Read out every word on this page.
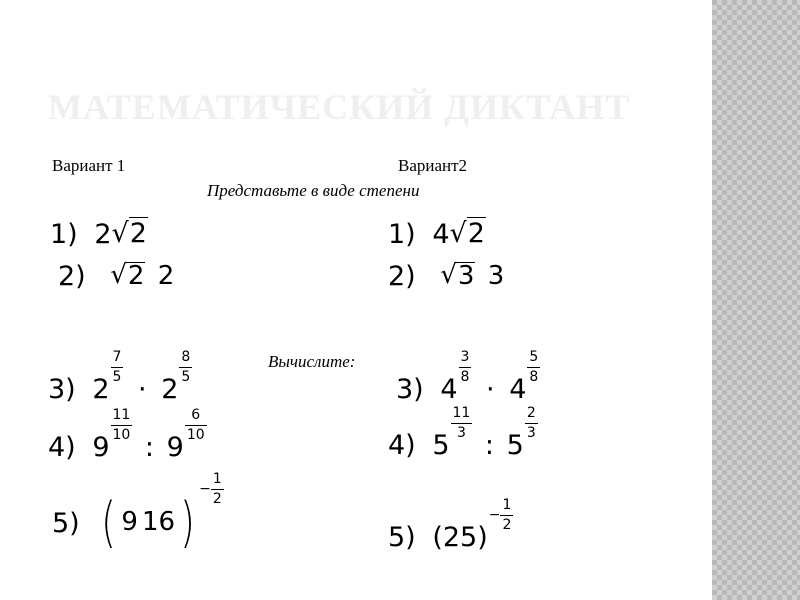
МАТЕМАТИЧЕСКИЙ ДИКТАНТ
Вариант 1	Вариант2
Представьте в виде степени
Вычислите:
1) 2√2
2) √ 2 2
3) 2
$\frac{7}{5}$
· 2
$\frac{8}{5}$
4) 9
$\frac{11}{10}$
: 9
$\frac{6}{10}$
5) ( 9 $16)- \frac{1}{2}$
1) 4√2
2) √ 3 3
3) 4
$\frac{3}{8}$
· 4
$\frac{5}{8}$
4) 5
$\frac{11}{3}$
: 5
$\frac{2}{3}$
5) $(25)- \frac{1}{2}$
